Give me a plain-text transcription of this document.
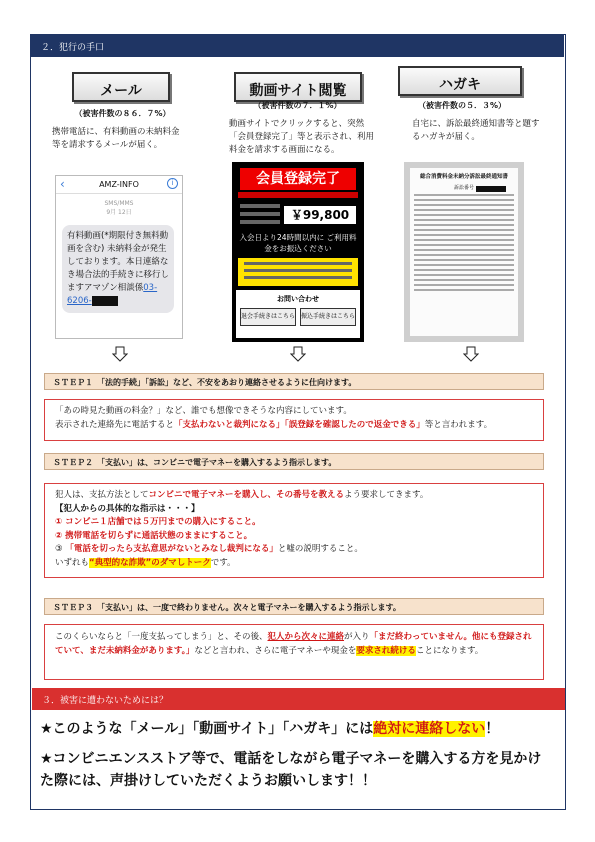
２．犯行の手口
メール
（被害件数の８６．７%）
携帯電話に、有料動画の未納料金等を請求するメールが届く。
動画サイト閲覧
（被害件数の７．１%）
動画サイトでクリックすると、突然「会員登録完了」等と表示され、利用料金を請求する画面になる。
ハガキ
（被害件数の５．３%）
自宅に、訴訟最終通知書等と題するハガキが届く。
‹	AMZ-INFO	i
SMS/MMS
9月 12日
有料動画(*期限付き無料動画を含む) 未納料金が発生しております。本日連絡なき場合法的手続きに移行しますアマゾン相談係03-6206-
会員登録完了
￥99,800
入会日より24時間以内に ご利用料金をお振込ください
お問い合わせ
退会手続きはこちら 振込手続きはこちら
総合消費料金未納分訴訟最終通知書
訴訟番号
ＳＴＥＰ１　 「法的手続」「訴訟」など、不安をあおり連絡させるように仕向けます。
「あの時見た動画の料金？」など、誰でも想像できそうな内容にしています。
表示された連絡先に電話すると「支払わないと裁判になる」「誤登録を確認したので返金できる」等と言われます。
ＳＴＥＰ２　 「支払い」は、コンビニで電子マネーを購入するよう指示します。
犯人は、支払方法としてコンビニで電子マネーを購入し、その番号を教えるよう要求してきます。
【犯人からの具体的な指示は・・・】
① コンビニ１店舗では５万円までの購入にすること。
② 携帯電話を切らずに通話状態のままにすること。
③ 「電話を切ったら支払意思がないとみなし裁判になる」と嘘の説明すること。
いずれも“典型的な詐欺”のダマしトークです。
ＳＴＥＰ３　 「支払い」は、一度で終わりません。次々と電子マネーを購入するよう指示します。
このくらいならと「一度支払ってしまう」と、その後、犯人から次々に連絡が入り「まだ終わっていません。他にも登録されていて、まだ未納料金があります。」などと言われ、さらに電子マネーや現金を要求され続けることになります。
３．被害に遭わないためには？
★このような「メール」「動画サイト」「ハガキ」には絶対に連絡しない！
★コンビニエンスストア等で、電話をしながら電子マネーを購入する方を見かけた際には、声掛けしていただくようお願いします！！
